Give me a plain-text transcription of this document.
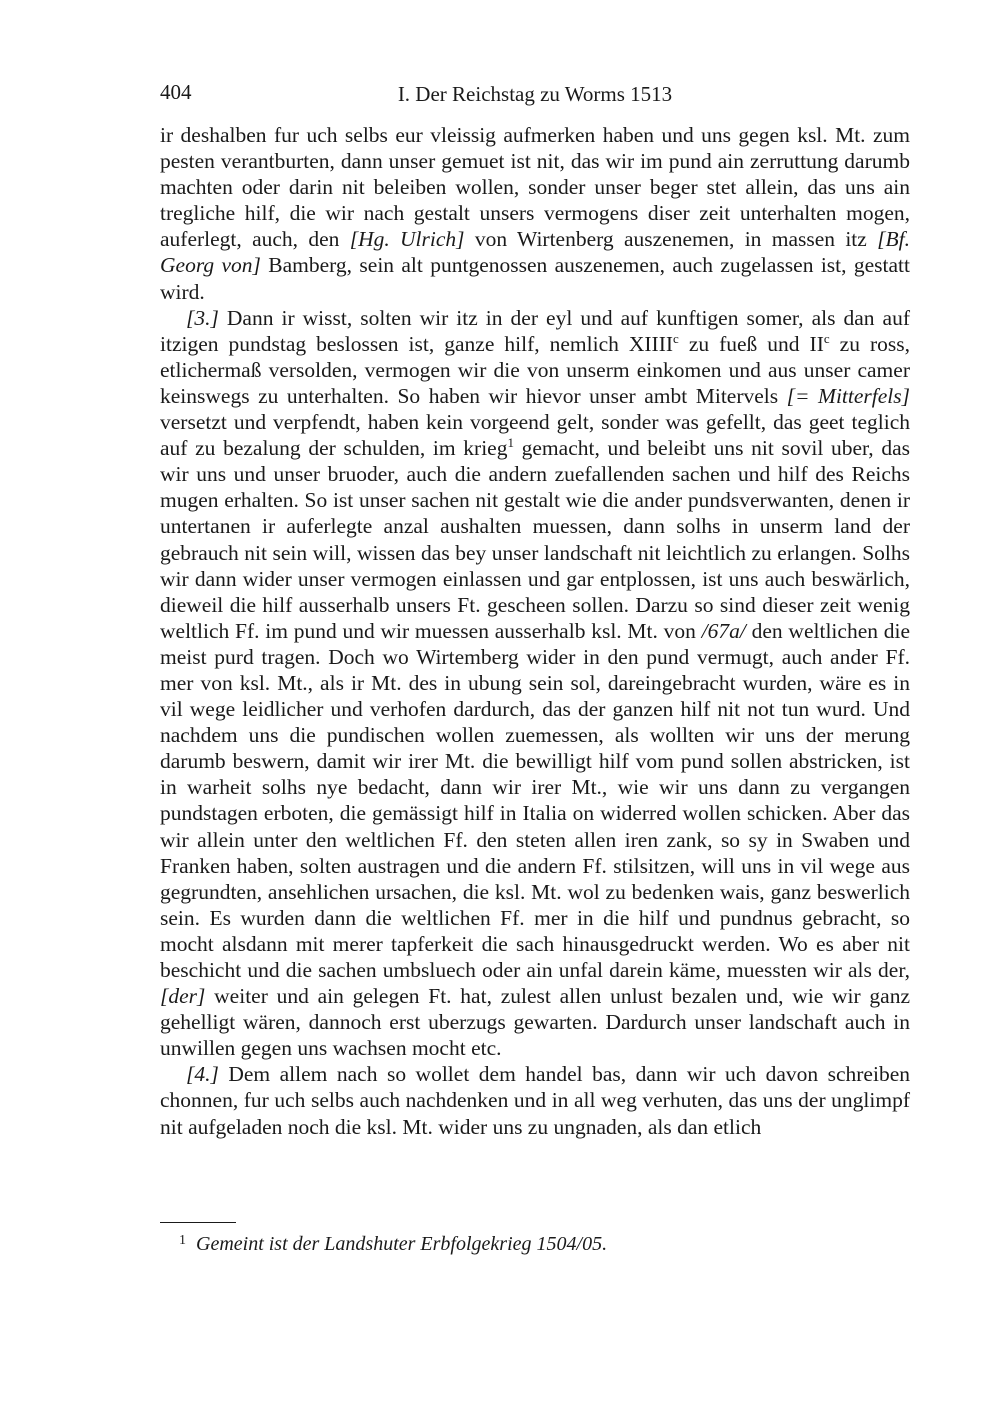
404	I. Der Reichstag zu Worms 1513

ir deshalben fur uch selbs eur vleissig aufmerken haben und uns gegen ksl. Mt. zum pesten verantburten, dann unser gemuet ist nit, das wir im pund ain zerruttung darumb machten oder darin nit beleiben wollen, sonder unser beger stet allein, das uns ain tregliche hilf, die wir nach gestalt unsers vermogens diser zeit unterhalten mogen, auferlegt, auch, den [Hg. Ulrich] von Wirtenberg auszenemen, in massen itz [Bf. Georg von] Bamberg, sein alt puntgenossen auszenemen, auch zugelassen ist, gestatt wird.

[3.] Dann ir wisst, solten wir itz in der eyl und auf kunftigen somer, als dan auf itzigen pundstag beslossen ist, ganze hilf, nemlich XIIII$^c$ zu fueß und $II^c$ zu ross, etlichermaß versolden, vermogen wir die von unserm einkomen und aus unser camer keinswegs zu unterhalten. So haben wir hievor unser ambt Mitervels [= Mitterfels] versetzt und verpfendt, haben kein vorgeend gelt, sonder was gefellt, das geet teglich auf zu bezalung der schulden, im krieg$^1$ gemacht, und beleibt uns nit sovil uber, das wir uns und unser bruoder, auch die andern zuefallenden sachen und hilf des Reichs mugen erhalten. So ist unser sachen nit gestalt wie die ander pundsverwanten, denen ir untertanen ir auferlegte anzal aushalten muessen, dann solhs in unserm land der gebrauch nit sein will, wissen das bey unser landschaft nit leichtlich zu erlangen. Solhs wir dann wider unser vermogen einlassen und gar entplossen, ist uns auch beswärlich, dieweil die hilf ausserhalb unsers Ft. gescheen sollen. Darzu so sind dieser zeit wenig weltlich Ff. im pund und wir muessen ausserhalb ksl. Mt. von /67a/ den weltlichen die meist purd tragen. Doch wo Wirtemberg wider in den pund vermugt, auch ander Ff. mer von ksl. Mt., als ir Mt. des in ubung sein sol, dareingebracht wurden, wäre es in vil wege leidlicher und verhofen dardurch, das der ganzen hilf nit not tun wurd. Und nachdem uns die pundischen wollen zuemessen, als wollten wir uns der merung darumb beswern, damit wir irer Mt. die bewilligt hilf vom pund sollen abstricken, ist in warheit solhs nye bedacht, dann wir irer Mt., wie wir uns dann zu vergangen pundstagen erboten, die gemässigt hilf in Italia on widerred wollen schicken. Aber das wir allein unter den weltlichen Ff. den steten allen iren zank, so sy in Swaben und Franken haben, solten austragen und die andern Ff. stilsitzen, will uns in vil wege aus gegrundten, ansehlichen ursachen, die ksl. Mt. wol zu bedenken wais, ganz beswerlich sein. Es wurden dann die weltlichen Ff. mer in die hilf und pundnus gebracht, so mocht alsdann mit merer tapferkeit die sach hinausgedruckt werden. Wo es aber nit beschicht und die sachen umbsluech oder ain unfal darein käme, muessten wir als der, [der] weiter und ain gelegen Ft. hat, zulest allen unlust bezalen und, wie wir ganz gehelligt wären, dannoch erst uberzugs gewarten. Dardurch unser landschaft auch in unwillen gegen uns wachsen mocht etc.

[4.] Dem allem nach so wollet dem handel bas, dann wir uch davon schreiben chonnen, fur uch selbs auch nachdenken und in all weg verhuten, das uns der unglimpf nit aufgeladen noch die ksl. Mt. wider uns zu ungnaden, als dan etlich

1 Gemeint ist der Landshuter Erbfolgekrieg 1504/05.
